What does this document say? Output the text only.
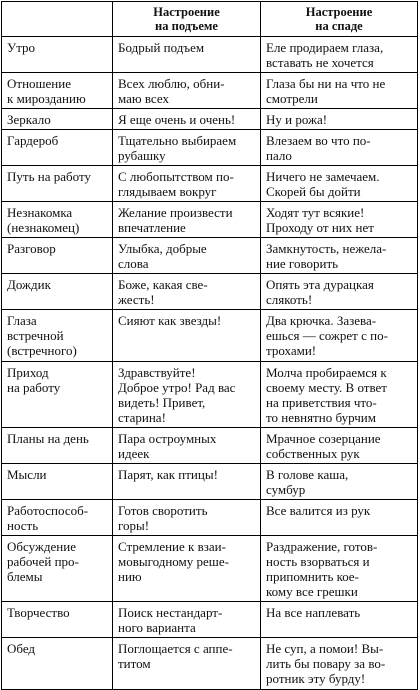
	Настроение
на подъеме	Настроение
на спаде

Утро	Бодрый подъем	Еле продираем глаза,
вставать не хочется

Отношение
к мирозданию	Всех люблю, обни-
маю всех	Глаза бы ни на что не
смотрели

Зеркало	Я еще очень и очень!	Ну и рожа!

Гардероб	Тщательно выбираем
рубашку	Влезаем во что по-
пало

Путь на работу	С любопытством по-
глядываем вокруг	Ничего не замечаем.
Скорей бы дойти

Незнакомка
(незнакомец)	Желание произвести
впечатление	Ходят тут всякие!
Проходу от них нет

Разговор	Улыбка, добрые
слова	Замкнутость, нежела-
ние говорить

Дождик	Боже, какая све-
жесть!	Опять эта дурацкая
слякоть!

Глаза
встречной
(встречного)	Сияют как звезды!	Два крючка. Зазева-
ешься — сожрет с по-
трохами!

Приход
на работу	Здравствуйте!
Доброе утро! Рад вас
видеть! Привет,
старина!	Молча пробираемся к
своему месту. В ответ
на приветствия что-
то невнятно бурчим

Планы на день	Пара остроумных
идеек	Мрачное созерцание
собственных рук

Мысли	Парят, как птицы!	В голове каша,
сумбур

Работоспособ-
ность	Готов своротить
горы!	Все валится из рук

Обсуждение
рабочей про-
блемы	Стремление к взаи-
мовыгодному реше-
нию	Раздражение, готов-
ность взорваться и
припомнить коe-
кому все грешки

Творчество	Поиск нестандарт-
ного варианта	На все наплевать

Обед	Поглощается с аппе-
титом	Не суп, а помои! Вы-
лить бы повару за во-
ротник эту бурду!
